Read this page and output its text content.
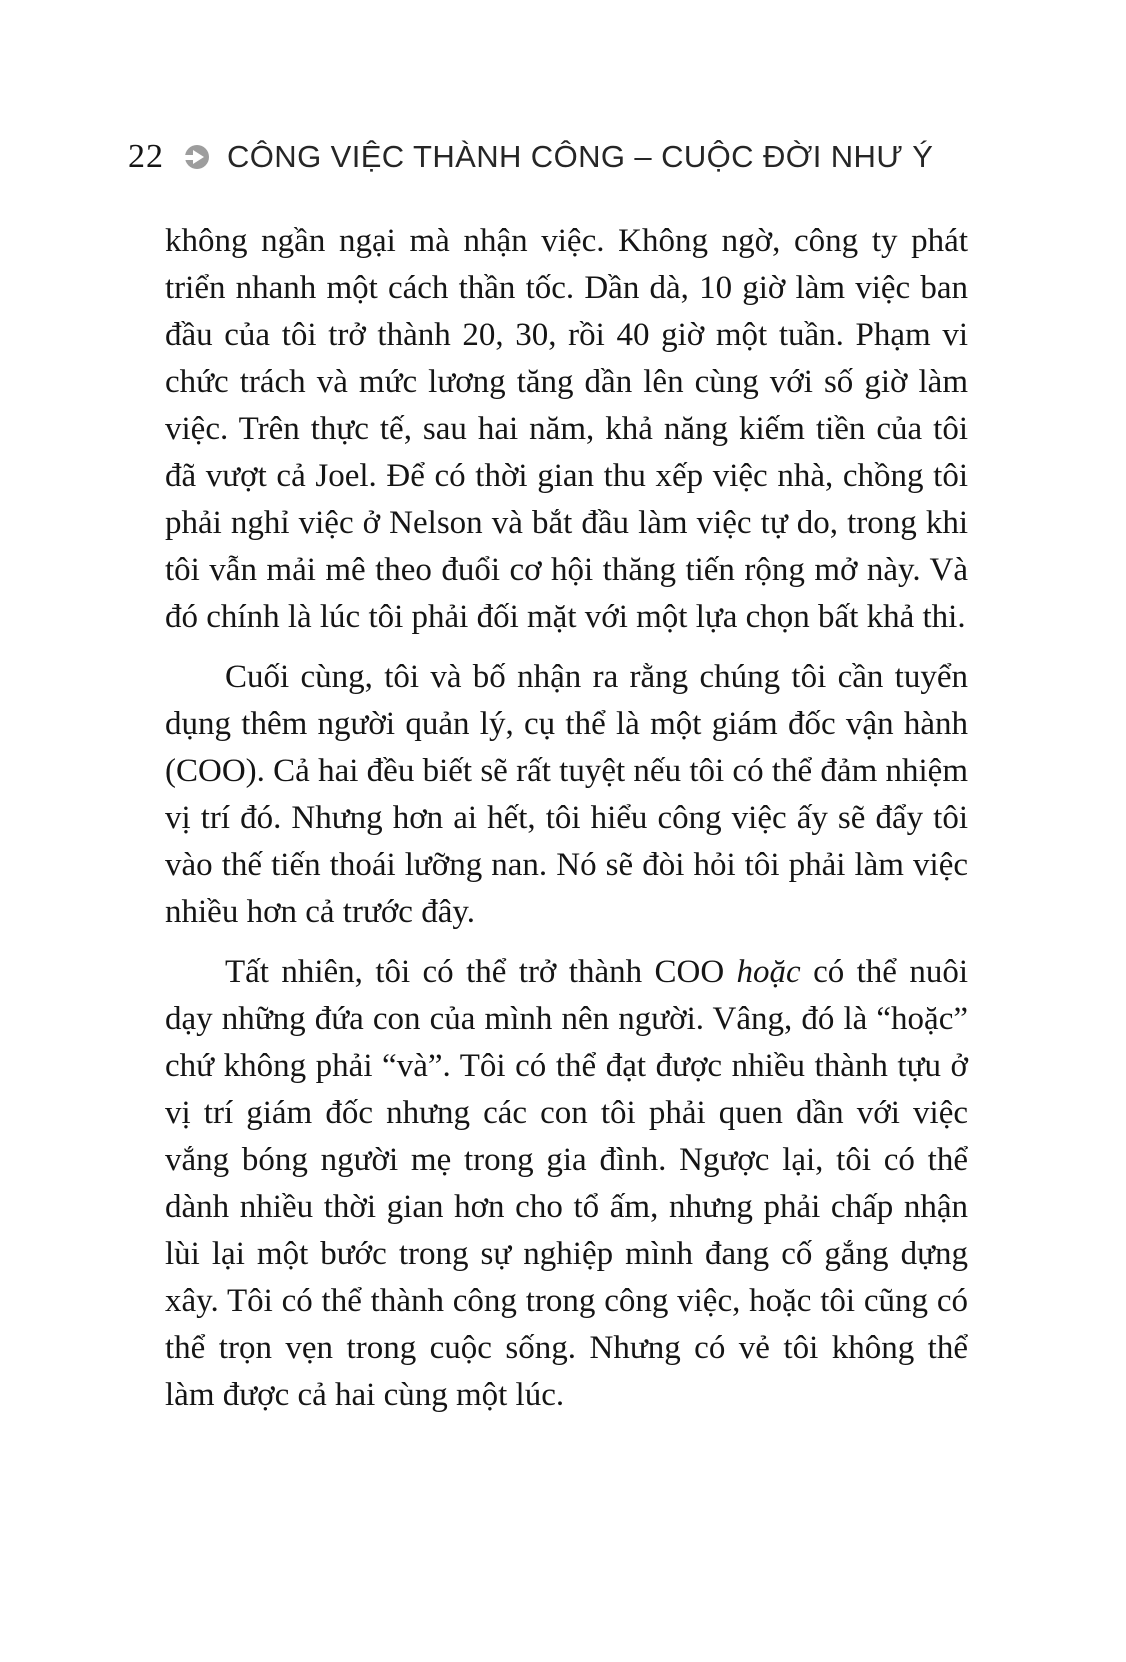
22 CÔNG VIỆC THÀNH CÔNG – CUỘC ĐỜI NHƯ Ý

không ngần ngại mà nhận việc. Không ngờ, công ty phát triển nhanh một cách thần tốc. Dần dà, 10 giờ làm việc ban đầu của tôi trở thành 20, 30, rồi 40 giờ một tuần. Phạm vi chức trách và mức lương tăng dần lên cùng với số giờ làm việc. Trên thực tế, sau hai năm, khả năng kiếm tiền của tôi đã vượt cả Joel. Để có thời gian thu xếp việc nhà, chồng tôi phải nghỉ việc ở Nelson và bắt đầu làm việc tự do, trong khi tôi vẫn mải mê theo đuổi cơ hội thăng tiến rộng mở này. Và đó chính là lúc tôi phải đối mặt với một lựa chọn bất khả thi.

Cuối cùng, tôi và bố nhận ra rằng chúng tôi cần tuyển dụng thêm người quản lý, cụ thể là một giám đốc vận hành (COO). Cả hai đều biết sẽ rất tuyệt nếu tôi có thể đảm nhiệm vị trí đó. Nhưng hơn ai hết, tôi hiểu công việc ấy sẽ đẩy tôi vào thế tiến thoái lưỡng nan. Nó sẽ đòi hỏi tôi phải làm việc nhiều hơn cả trước đây.

Tất nhiên, tôi có thể trở thành COO hoặc có thể nuôi dạy những đứa con của mình nên người. Vâng, đó là “hoặc” chứ không phải “và”. Tôi có thể đạt được nhiều thành tựu ở vị trí giám đốc nhưng các con tôi phải quen dần với việc vắng bóng người mẹ trong gia đình. Ngược lại, tôi có thể dành nhiều thời gian hơn cho tổ ấm, nhưng phải chấp nhận lùi lại một bước trong sự nghiệp mình đang cố gắng dựng xây. Tôi có thể thành công trong công việc, hoặc tôi cũng có thể trọn vẹn trong cuộc sống. Nhưng có vẻ tôi không thể làm được cả hai cùng một lúc.
